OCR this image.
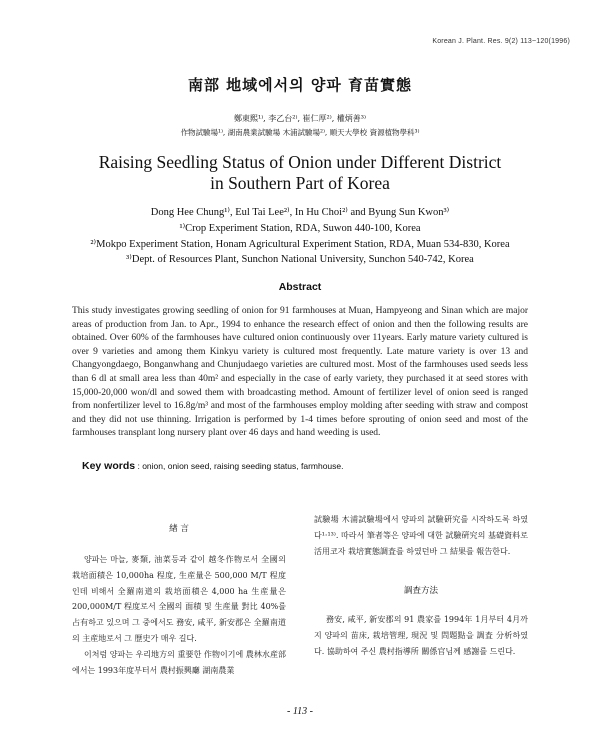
Korean J. Plant. Res. 9(2) 113~120(1996)
南部 地域에서의 양파 育苗實態
鄭東熙¹⁾, 李乙台²⁾, 崔仁厚²⁾, 權炳善³⁾
作物試驗場¹⁾, 湖南農業試驗場 木浦試驗場²⁾, 順天大學校 資源植物學科³⁾
Raising Seedling Status of Onion under Different District
in Southern Part of Korea
Dong Hee Chung¹⁾, Eul Tai Lee²⁾, In Hu Choi²⁾ and Byung Sun Kwon³⁾
¹⁾Crop Experiment Station, RDA, Suwon 440-100, Korea
²⁾Mokpo Experiment Station, Honam Agricultural Experiment Station, RDA, Muan 534-830, Korea
³⁾Dept. of Resources Plant, Sunchon National University, Sunchon 540-742, Korea
Abstract
This study investigates growing seedling of onion for 91 farmhouses at Muan, Hampyeong and Sinan which are major areas of production from Jan. to Apr., 1994 to enhance the research effect of onion and then the following results are obtained. Over 60% of the farmhouses have cultured onion continuously over 11years. Early mature variety cultured is over 9 varieties and among them Kinkyu variety is cultured most frequently. Late mature variety is over 13 and Changyongdaego, Bonganwhang and Chunjudaego varieties are cultured most. Most of the farmhouses used seeds less than 6 dl at small area less than 40m² and especially in the case of early variety, they purchased it at seed stores with 15,000-20,000 won/dl and sowed them with broadcasting method. Amount of fertilizer level of onion seed is ranged from nonfertilizer level to 16.8g/m³ and most of the farmhouses employ molding after seeding with straw and compost and they did not use thinning. Irrigation is performed by 1-4 times before sprouting of onion seed and most of the farmhouses transplant long nursery plant over 46 days and hand weeding is used.
Key words : onion, onion seed, raising seeding status, farmhouse.
緖 言
양파는 마늘, 麥類, 油菜등과 같이 越冬作物로서 全國의 栽培面積은 10,000ha 程度, 生産量은 500,000 M/T 程度인데 비해서 全羅南道의 栽培面積은 4,000 ha 生産量은 200,000M/T 程度로서 全國의 面積 및 生産量 對比 40%를 占有하고 있으며 그 중에서도 務安, 咸平, 新安郡은 全羅南道의 主産地로서 그 歷史가 매우 길다.
이처럼 양파는 우리地方의 重要한 作物이기에 農林水産部에서는 1993年度부터서 農村振興廳 湖南農業
試驗場 木浦試驗場에서 양파의 試驗硏究를 시작하도록 하였다¹·¹³⁾. 따라서 筆者等은 양파에 대한 試驗硏究의 基礎資料로 活用코자 栽培實態調査를 하였던바 그 結果를 報告한다.
調査方法
務安, 咸平, 新安郡의 91 農家를 1994年 1月부터 4月까지 양파의 苗床, 栽培管理, 現況 및 問題點을 調査 分析하였다. 協助하여 주신 農村指導所 關係官님께 感謝를 드린다.
- 113 -
